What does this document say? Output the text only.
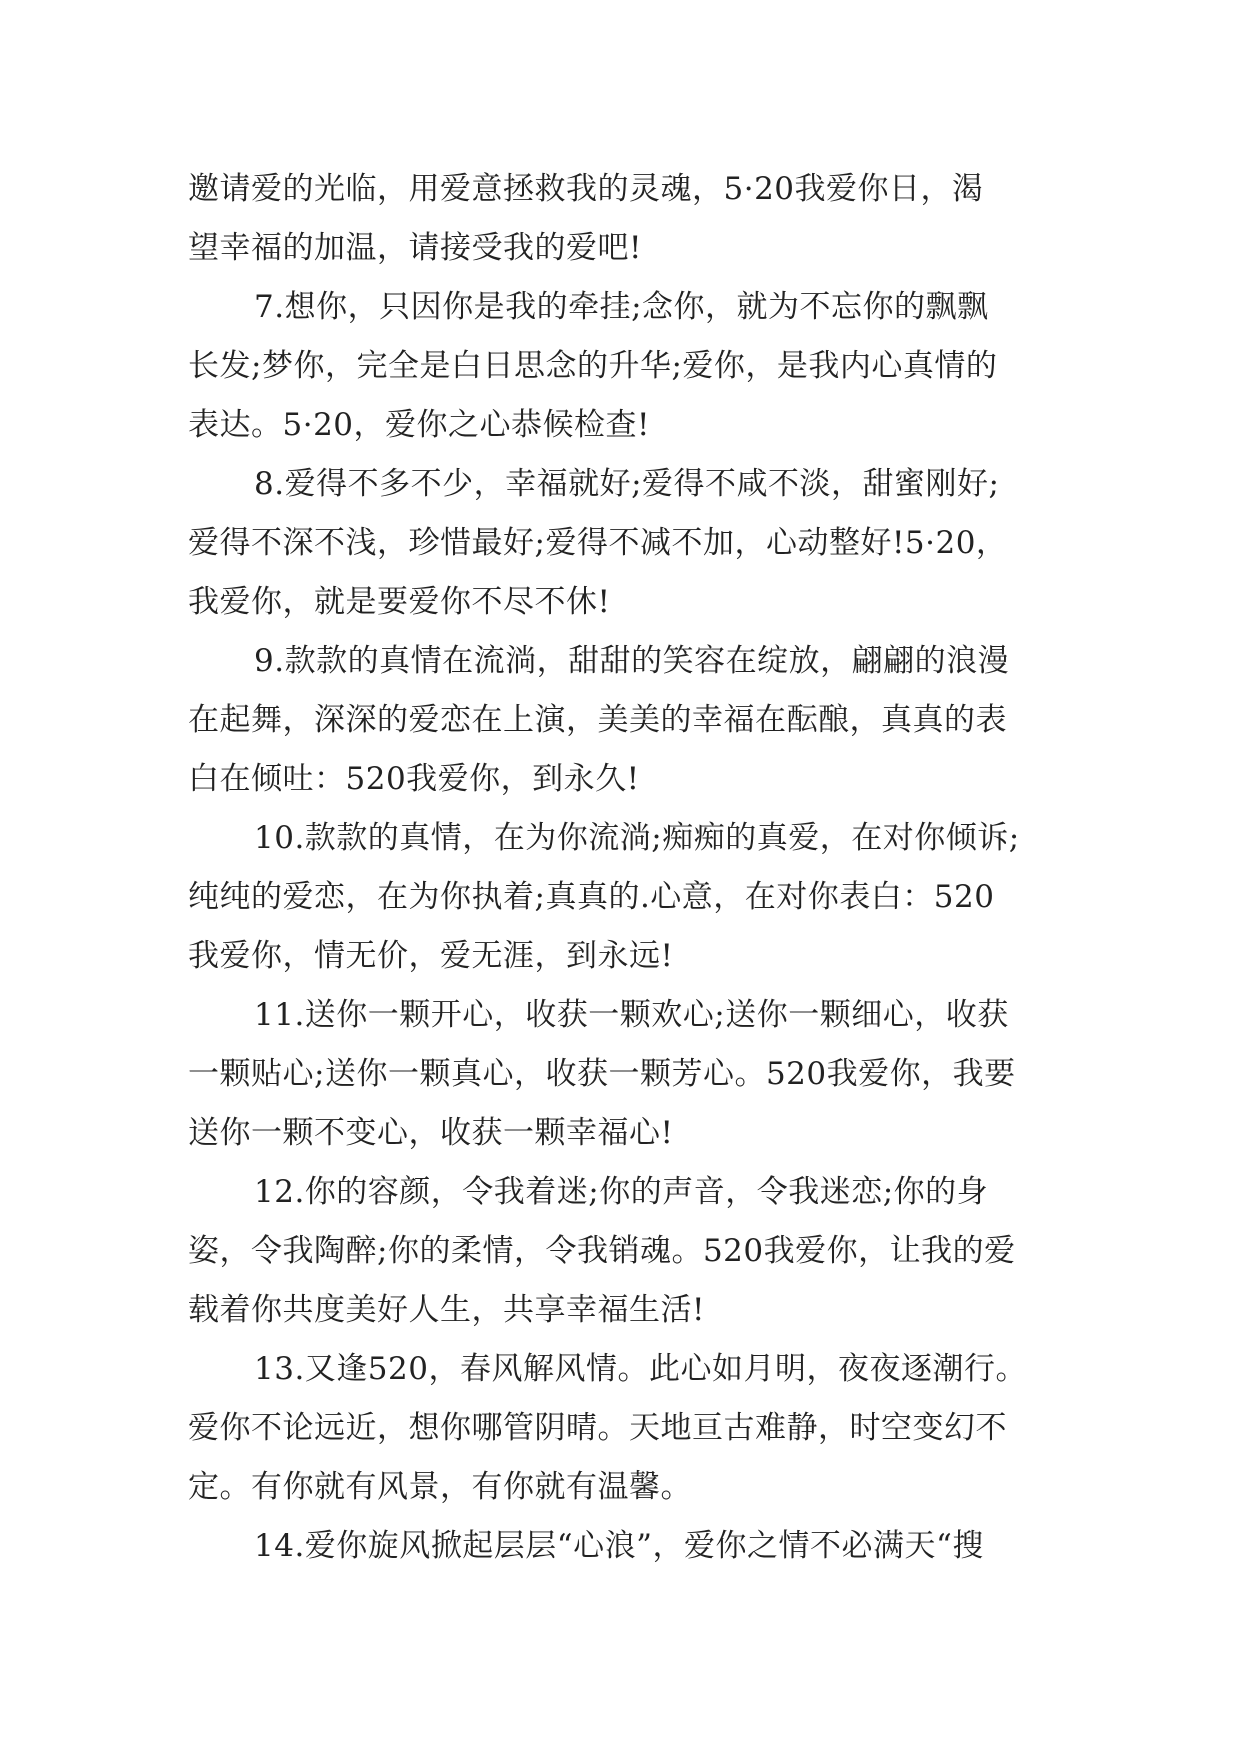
邀请爱的光临，用爱意拯救我的灵魂，5·20我爱你日，渴
望幸福的加温，请接受我的爱吧!
7.想你，只因你是我的牵挂;念你，就为不忘你的飘飘
长发;梦你，完全是白日思念的升华;爱你，是我内心真情的
表达。5·20，爱你之心恭候检查!
8.爱得不多不少，幸福就好;爱得不咸不淡，甜蜜刚好;
爱得不深不浅，珍惜最好;爱得不减不加，心动整好!5·20，
我爱你，就是要爱你不尽不休!
9.款款的真情在流淌，甜甜的笑容在绽放，翩翩的浪漫
在起舞，深深的爱恋在上演，美美的幸福在酝酿，真真的表
白在倾吐：520我爱你，到永久!
10.款款的真情，在为你流淌;痴痴的真爱，在对你倾诉;
纯纯的爱恋，在为你执着;真真的.心意，在对你表白：520
我爱你，情无价，爱无涯，到永远!
11.送你一颗开心，收获一颗欢心;送你一颗细心，收获
一颗贴心;送你一颗真心，收获一颗芳心。520我爱你，我要
送你一颗不变心，收获一颗幸福心!
12.你的容颜，令我着迷;你的声音，令我迷恋;你的身
姿，令我陶醉;你的柔情，令我销魂。520我爱你，让我的爱
载着你共度美好人生，共享幸福生活!
13.又逢520，春风解风情。此心如月明，夜夜逐潮行。
爱你不论远近，想你哪管阴晴。天地亘古难静，时空变幻不
定。有你就有风景，有你就有温馨。
14.爱你旋风掀起层层“心浪”，爱你之情不必满天“搜
